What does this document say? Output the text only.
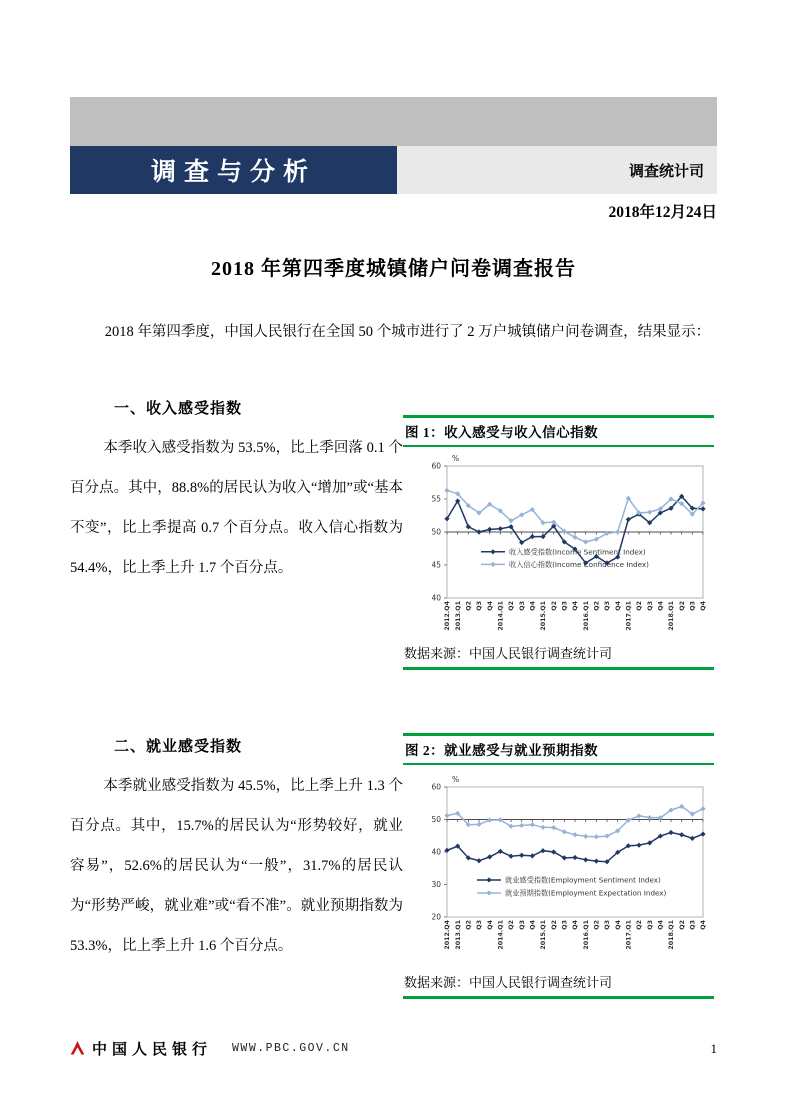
调查与分析	调查统计司
2018年12月24日
2018 年第四季度城镇储户问卷调查报告

2018 年第四季度，中国人民银行在全国 50 个城市进行了 2 万户城镇储户问卷调查，结果显示：

一、收入感受指数

本季收入感受指数为 53.5%，比上季回落 0.1 个百分点。其中，88.8%的居民认为收入“增加”或“基本不变”，比上季提高 0.7 个百分点。收入信心指数为 54.4%，比上季上升 1.7 个百分点。

图 1：收入感受与收入信心指数
40
45
50
55
60
%
2012.Q4 2013.Q1 Q2 Q3 Q4 2014.Q1 Q2 Q3 Q4 2015.Q1 Q2 Q3 Q4 2016.Q1 Q2 Q3 Q4 2017.Q1 Q2 Q3 Q4 2018.Q1 Q2 Q3 Q4
收入感受指数(Income Sentiment Index)
收入信心指数(Income Confidence Index)
数据来源：中国人民银行调查统计司
二、就业感受指数

本季就业感受指数为 45.5%，比上季上升 1.3 个百分点。其中，15.7%的居民认为“形势较好，就业容易”，52.6%的居民认为“一般”，31.7%的居民认为“形势严峻，就业难”或“看不准”。就业预期指数为 53.3%，比上季上升 1.6 个百分点。

图 2：就业感受与就业预期指数
20
30
40
50
60
%
2012.Q4 2013.Q1 Q2 Q3 Q4 2014.Q1 Q2 Q3 Q4 2015.Q1 Q2 Q3 Q4 2016.Q1 Q2 Q3 Q4 2017.Q1 Q2 Q3 Q4 2018.Q1 Q2 Q3 Q4
就业感受指数(Employment Sentiment Index)
就业预期指数(Employment Expectation Index)
数据来源：中国人民银行调查统计司
中国人民银行 WWW.PBC.GOV.CN	1
